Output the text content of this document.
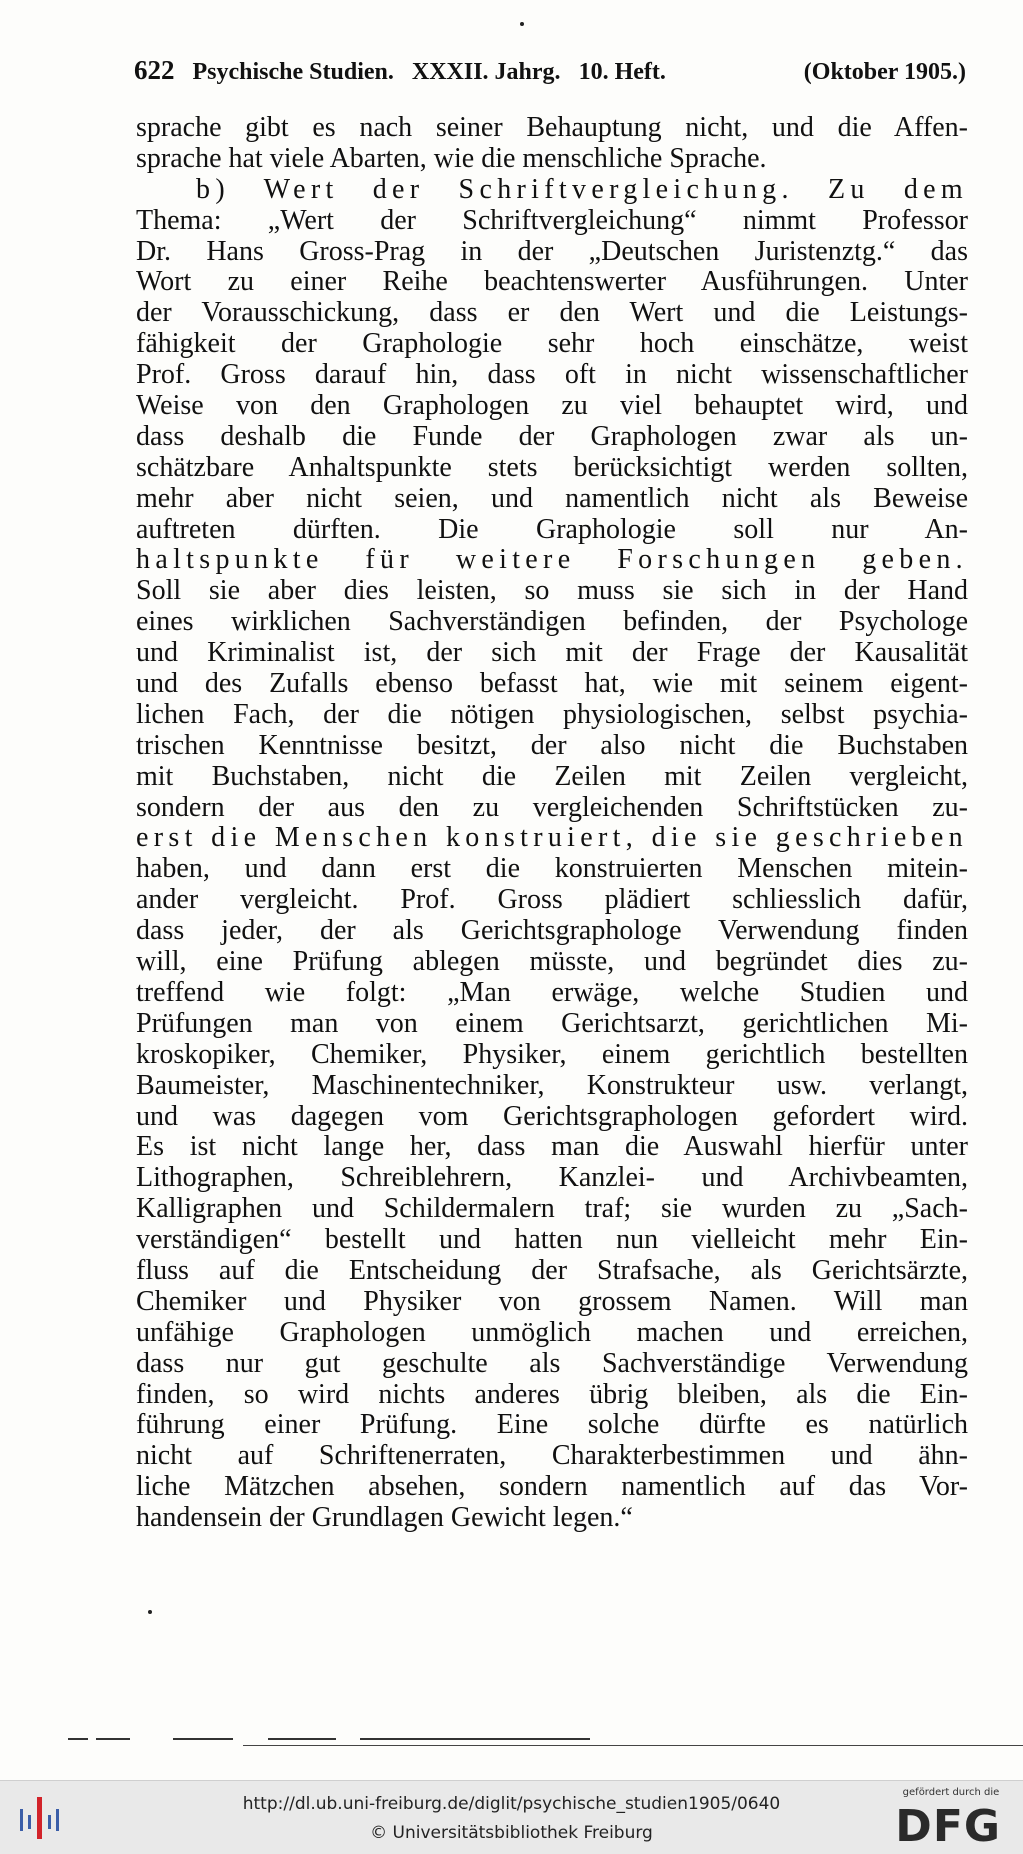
622 Psychische Studien. XXXII. Jahrg. 10. Heft.	(Oktober 1905.)
sprache gibt es nach seiner Behauptung nicht, und die Affen-
sprache hat viele Abarten, wie die menschliche Sprache.
b) Wert der Schriftvergleichung. Zu dem
Thema: „Wert der Schriftvergleichung“ nimmt Professor
Dr. Hans Gross-Prag in der „Deutschen Juristenztg.“ das
Wort zu einer Reihe beachtenswerter Ausführungen. Unter
der Vorausschickung, dass er den Wert und die Leistungs-
fähigkeit der Graphologie sehr hoch einschätze, weist
Prof. Gross darauf hin, dass oft in nicht wissenschaftlicher
Weise von den Graphologen zu viel behauptet wird, und
dass deshalb die Funde der Graphologen zwar als un-
schätzbare Anhaltspunkte stets berücksichtigt werden sollten,
mehr aber nicht seien, und namentlich nicht als Beweise
auftreten dürften. Die Graphologie soll nur An-
haltspunkte für weitere Forschungen geben.
Soll sie aber dies leisten, so muss sie sich in der Hand
eines wirklichen Sachverständigen befinden, der Psychologe
und Kriminalist ist, der sich mit der Frage der Kausalität
und des Zufalls ebenso befasst hat, wie mit seinem eigent-
lichen Fach, der die nötigen physiologischen, selbst psychia-
trischen Kenntnisse besitzt, der also nicht die Buchstaben
mit Buchstaben, nicht die Zeilen mit Zeilen vergleicht,
sondern der aus den zu vergleichenden Schriftstücken zu-
erst die Menschen konstruiert, die sie geschrieben
haben, und dann erst die konstruierten Menschen mitein-
ander vergleicht. Prof. Gross plädiert schliesslich dafür,
dass jeder, der als Gerichtsgraphologe Verwendung finden
will, eine Prüfung ablegen müsste, und begründet dies zu-
treffend wie folgt: „Man erwäge, welche Studien und
Prüfungen man von einem Gerichtsarzt, gerichtlichen Mi-
kroskopiker, Chemiker, Physiker, einem gerichtlich bestellten
Baumeister, Maschinentechniker, Konstrukteur usw. verlangt,
und was dagegen vom Gerichtsgraphologen gefordert wird.
Es ist nicht lange her, dass man die Auswahl hierfür unter
Lithographen, Schreiblehrern, Kanzlei- und Archivbeamten,
Kalligraphen und Schildermalern traf; sie wurden zu „Sach-
verständigen“ bestellt und hatten nun vielleicht mehr Ein-
fluss auf die Entscheidung der Strafsache, als Gerichtsärzte,
Chemiker und Physiker von grossem Namen. Will man
unfähige Graphologen unmöglich machen und erreichen,
dass nur gut geschulte als Sachverständige Verwendung
finden, so wird nichts anderes übrig bleiben, als die Ein-
führung einer Prüfung. Eine solche dürfte es natürlich
nicht auf Schriftenerraten, Charakterbestimmen und ähn-
liche Mätzchen absehen, sondern namentlich auf das Vor-
handensein der Grundlagen Gewicht legen.“
http://dl.ub.uni-freiburg.de/diglit/psychische_studien1905/0640
© Universitätsbibliothek Freiburg
gefördert durch die
DFG
